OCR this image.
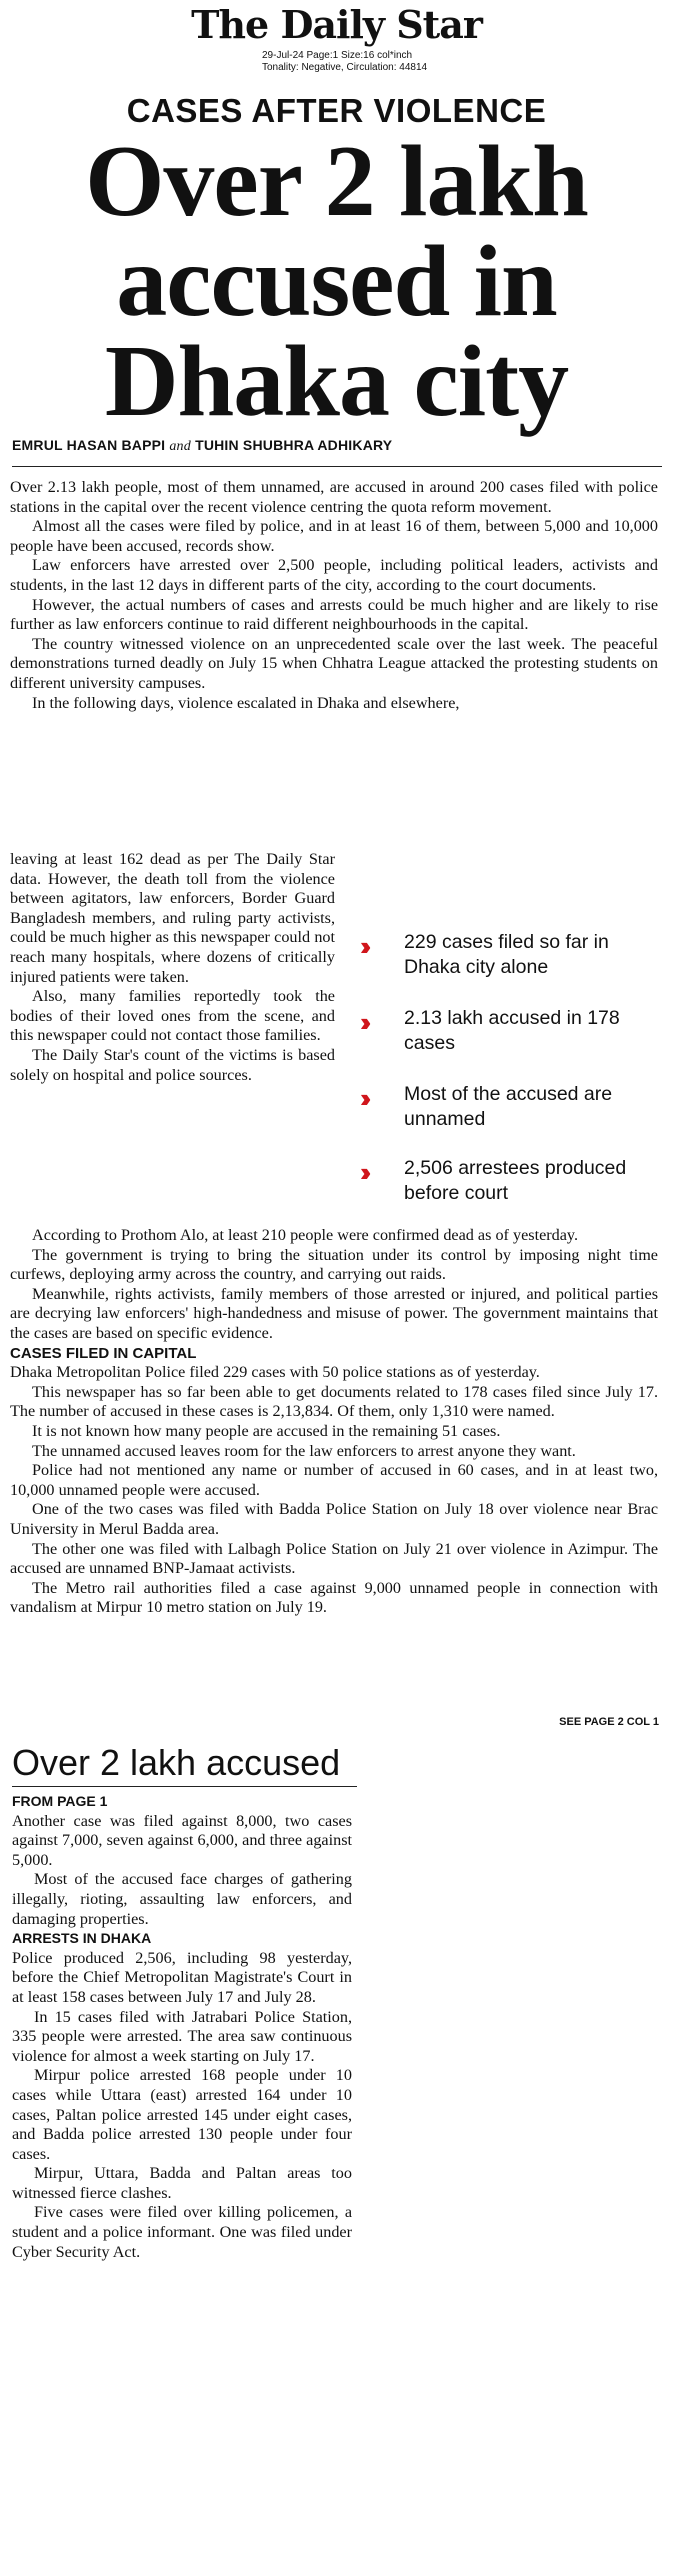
The Daily Star
29-Jul-24 Page:1 Size:16 col*inch
Tonality: Negative, Circulation: 44814
CASES AFTER VIOLENCE
Over 2 lakh
accused in
Dhaka city
EMRUL HASAN BAPPI and TUHIN SHUBHRA ADHIKARY

Over 2.13 lakh people, most of them unnamed, are accused in around 200 cases filed with police stations in the capital over the recent violence centring the quota reform movement.

Almost all the cases were filed by police, and in at least 16 of them, between 5,000 and 10,000 people have been accused, records show.

Law enforcers have arrested over 2,500 people, including political leaders, activists and students, in the last 12 days in different parts of the city, according to the court documents.

However, the actual numbers of cases and arrests could be much higher and are likely to rise further as law enforcers continue to raid different neighbourhoods in the capital.

The country witnessed violence on an unprecedented scale over the last week. The peaceful demonstrations turned deadly on July 15 when Chhatra League attacked the protesting students on different university campuses.

In the following days, violence escalated in Dhaka and elsewhere,

leaving at least 162 dead as per The Daily Star data. However, the death toll from the violence between agitators, law enforcers, Border Guard Bangladesh members, and ruling party activists, could be much higher as this newspaper could not reach many hospitals, where dozens of critically injured patients were taken.

Also, many families reportedly took the bodies of their loved ones from the scene, and this newspaper could not contact those families.

The Daily Star's count of the victims is based solely on hospital and police sources.

›› 229 cases filed so far in Dhaka city alone
›› 2.13 lakh accused in 178 cases
›› Most of the accused are unnamed
›› 2,506 arrestees produced before court

According to Prothom Alo, at least 210 people were confirmed dead as of yesterday.

The government is trying to bring the situation under its control by imposing night time curfews, deploying army across the country, and carrying out raids.

Meanwhile, rights activists, family members of those arrested or injured, and political parties are decrying law enforcers' high-handedness and misuse of power. The government maintains that the cases are based on specific evidence.

CASES FILED IN CAPITAL

Dhaka Metropolitan Police filed 229 cases with 50 police stations as of yesterday.

This newspaper has so far been able to get documents related to 178 cases filed since July 17. The number of accused in these cases is 2,13,834. Of them, only 1,310 were named.

It is not known how many people are accused in the remaining 51 cases.

The unnamed accused leaves room for the law enforcers to arrest anyone they want.

Police had not mentioned any name or number of accused in 60 cases, and in at least two, 10,000 unnamed people were accused.

One of the two cases was filed with Badda Police Station on July 18 over violence near Brac University in Merul Badda area.

The other one was filed with Lalbagh Police Station on July 21 over violence in Azimpur. The accused are unnamed BNP-Jamaat activists.

The Metro rail authorities filed a case against 9,000 unnamed people in connection with vandalism at Mirpur 10 metro station on July 19.

SEE PAGE 2 COL 1
Over 2 lakh accused

FROM PAGE 1

Another case was filed against 8,000, two cases against 7,000, seven against 6,000, and three against 5,000.

Most of the accused face charges of gathering illegally, rioting, assaulting law enforcers, and damaging properties.

ARRESTS IN DHAKA

Police produced 2,506, including 98 yesterday, before the Chief Metropolitan Magistrate's Court in at least 158 cases between July 17 and July 28.

In 15 cases filed with Jatrabari Police Station, 335 people were arrested. The area saw continuous violence for almost a week starting on July 17.

Mirpur police arrested 168 people under 10 cases while Uttara (east) arrested 164 under 10 cases, Paltan police arrested 145 under eight cases, and Badda police arrested 130 people under four cases.

Mirpur, Uttara, Badda and Paltan areas too witnessed fierce clashes.

Five cases were filed over killing policemen, a student and a police informant. One was filed under Cyber Security Act.
